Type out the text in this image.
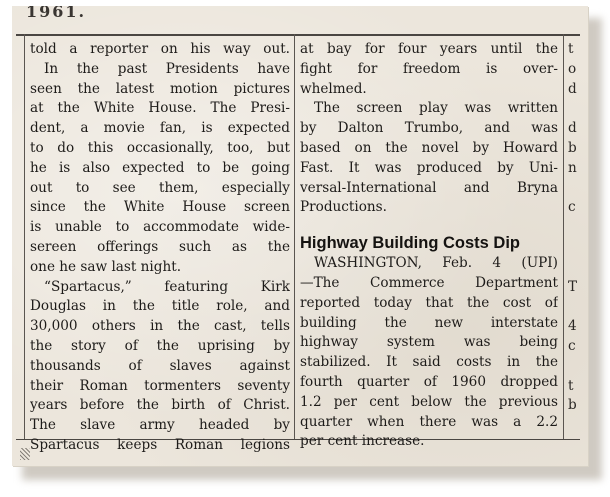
1961.
told a reporter on his way out.
In the past Presidents have
seen the latest motion pictures
at the White House. The Presi-
dent, a movie fan, is expected
to do this occasionally, too, but
he is also expected to be going
out to see them, especially
since the White House screen
is unable to accommodate wide-
sereen offerings such as the
one he saw last night.
“Spartacus,” featuring Kirk
Douglas in the title role, and
30,000 others in the cast, tells
the story of the uprising by
thousands of slaves against
their Roman tormenters seventy
years before the birth of Christ.
The slave army headed by
Spartacus keeps Roman legions
at bay for four years until the
fight for freedom is over-
whelmed.
The screen play was written
by Dalton Trumbo, and was
based on the novel by Howard
Fast. It was produced by Uni-
versal-International and Bryna
Productions.
Highway Building Costs Dip
WASHINGTON, Feb. 4 (UPI)
—The Commerce Department
reported today that the cost of
building the new interstate
highway system was being
stabilized. It said costs in the
fourth quarter of 1960 dropped
1.2 per cent below the previous
quarter when there was a 2.2
per cent increase.
t
o
d
d
b
n
c
T
4
c
t
b
